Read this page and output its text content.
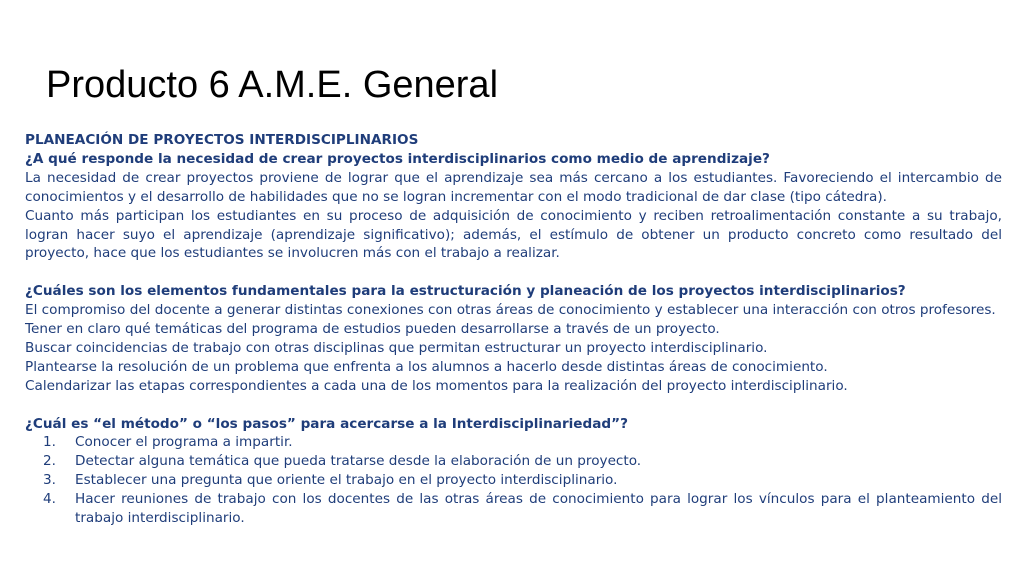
Producto 6 A.M.E. General

PLANEACIÓN DE PROYECTOS INTERDISCIPLINARIOS

¿A qué responde la necesidad de crear proyectos interdisciplinarios como medio de aprendizaje?

La necesidad de crear proyectos proviene de lograr que el aprendizaje sea más cercano a los estudiantes. Favoreciendo el intercambio de conocimientos y el desarrollo de habilidades que no se logran incrementar con el modo tradicional de dar clase (tipo cátedra).

Cuanto más participan los estudiantes en su proceso de adquisición de conocimiento y reciben retroalimentación constante a su trabajo, logran hacer suyo el aprendizaje (aprendizaje significativo); además, el estímulo de obtener un producto concreto como resultado del proyecto, hace que los estudiantes se involucren más con el trabajo a realizar.

¿Cuáles son los elementos fundamentales para la estructuración y planeación de los proyectos interdisciplinarios?

El compromiso del docente a generar distintas conexiones con otras áreas de conocimiento y establecer una interacción con otros profesores.

Tener en claro qué temáticas del programa de estudios pueden desarrollarse a través de un proyecto.

Buscar coincidencias de trabajo con otras disciplinas que permitan estructurar un proyecto interdisciplinario.

Plantearse la resolución de un problema que enfrenta a los alumnos a hacerlo desde distintas áreas de conocimiento.

Calendarizar las etapas correspondientes a cada una de los momentos para la realización del proyecto interdisciplinario.

¿Cuál es “el método” o “los pasos” para acercarse a la Interdisciplinariedad”?

1.	Conocer el programa a impartir.
2.	Detectar alguna temática que pueda tratarse desde la elaboración de un proyecto.
3.	Establecer una pregunta que oriente el trabajo en el proyecto interdisciplinario.
4.	Hacer reuniones de trabajo con los docentes de las otras áreas de conocimiento para lograr los vínculos para el planteamiento del trabajo interdisciplinario.
